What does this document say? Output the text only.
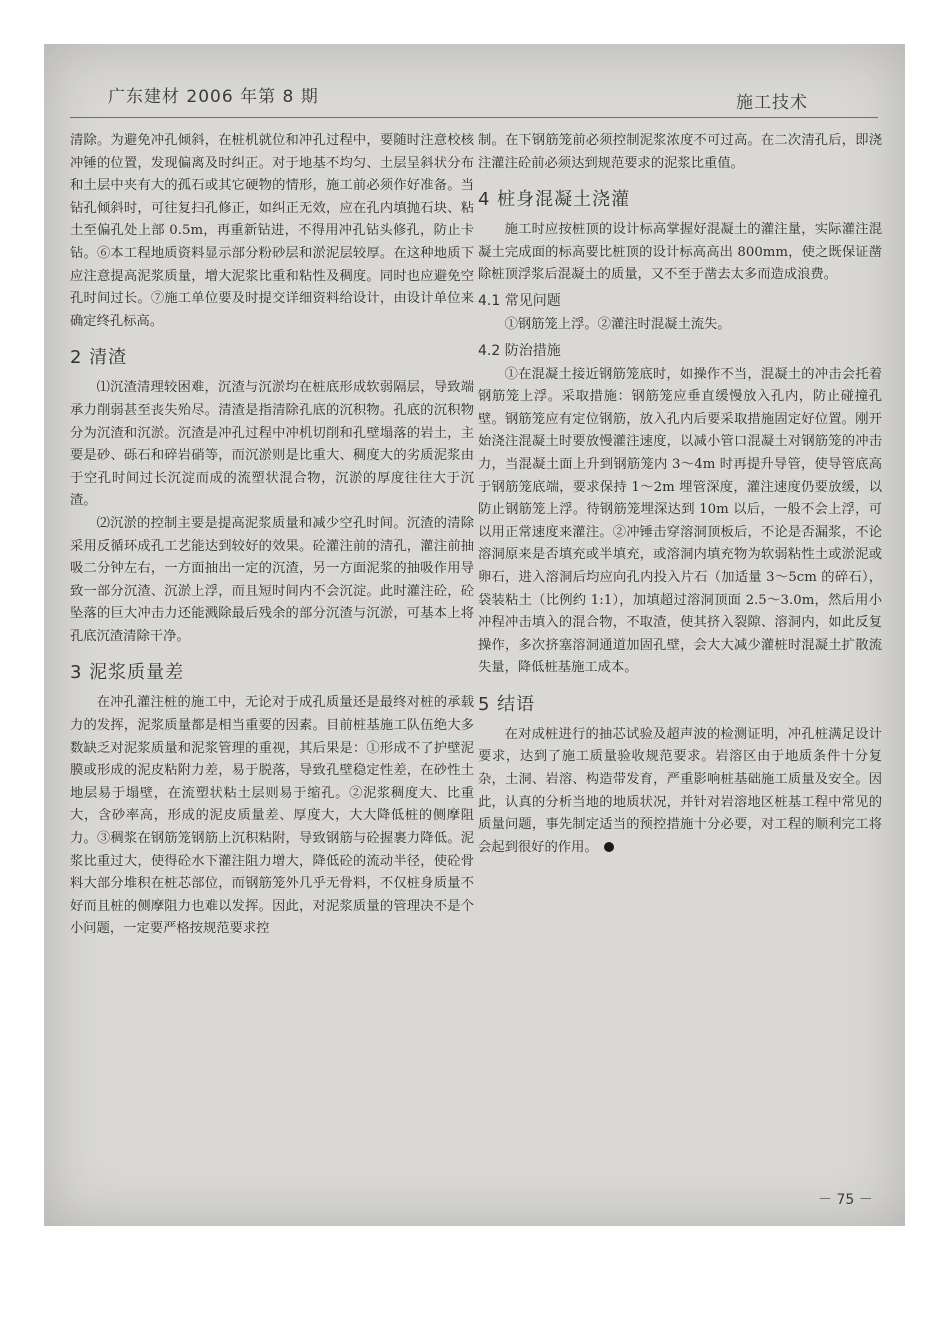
广东建材 2006 年第 8 期	施工技术

清除。为避免冲孔倾斜，在桩机就位和冲孔过程中，要随时注意校核冲锤的位置，发现偏离及时纠正。对于地基不均匀、土层呈斜状分布和土层中夹有大的孤石或其它硬物的情形，施工前必须作好准备。当钻孔倾斜时，可往复扫孔修正，如纠正无效，应在孔内填抛石块、粘土至偏孔处上部 0.5m，再重新钻进，不得用冲孔钻头修孔，防止卡钻。⑥本工程地质资料显示部分粉砂层和淤泥层较厚。在这种地质下应注意提高泥浆质量，增大泥浆比重和粘性及稠度。同时也应避免空孔时间过长。⑦施工单位要及时提交详细资料给设计，由设计单位来确定终孔标高。

2 清渣

⑴沉渣清理较困难，沉渣与沉淤均在桩底形成软弱隔层，导致端承力削弱甚至丧失殆尽。清渣是指清除孔底的沉积物。孔底的沉积物分为沉渣和沉淤。沉渣是冲孔过程中冲机切削和孔壁塌落的岩土，主要是砂、砾石和碎岩硝等，而沉淤则是比重大、稠度大的劣质泥浆由于空孔时间过长沉淀而成的流塑状混合物，沉淤的厚度往往大于沉渣。

⑵沉淤的控制主要是提高泥浆质量和减少空孔时间。沉渣的清除采用反循环成孔工艺能达到较好的效果。砼灌注前的清孔，灌注前抽吸二分钟左右，一方面抽出一定的沉渣，另一方面泥浆的抽吸作用导致一部分沉渣、沉淤上浮，而且短时间内不会沉淀。此时灌注砼，砼坠落的巨大冲击力还能溅除最后残余的部分沉渣与沉淤，可基本上将孔底沉渣清除干净。

3 泥浆质量差

在冲孔灌注桩的施工中，无论对于成孔质量还是最终对桩的承载力的发挥，泥浆质量都是相当重要的因素。目前桩基施工队伍绝大多数缺乏对泥浆质量和泥浆管理的重视，其后果是：①形成不了护壁泥膜或形成的泥皮粘附力差，易于脱落，导致孔壁稳定性差，在砂性土地层易于塌壁，在流塑状粘土层则易于缩孔。②泥浆稠度大、比重大，含砂率高，形成的泥皮质量差、厚度大，大大降低桩的侧摩阻力。③稠浆在钢筋笼钢筋上沉积粘附，导致钢筋与砼握裹力降低。泥浆比重过大，使得砼水下灌注阻力增大，降低砼的流动半径，使砼骨料大部分堆积在桩芯部位，而钢筋笼外几乎无骨料，不仅桩身质量不好而且桩的侧摩阻力也难以发挥。因此，对泥浆质量的管理决不是个小问题，一定要严格按规范要求控

制。在下钢筋笼前必须控制泥浆浓度不可过高。在二次清孔后，即浇注灌注砼前必须达到规范要求的泥浆比重值。

4 桩身混凝土浇灌

施工时应按桩顶的设计标高掌握好混凝土的灌注量，实际灌注混凝土完成面的标高要比桩顶的设计标高高出 800mm，使之既保证凿除桩顶浮浆后混凝土的质量，又不至于凿去太多而造成浪费。

4.1 常见问题

①钢筋笼上浮。②灌注时混凝土流失。

4.2 防治措施

①在混凝土接近钢筋笼底时，如操作不当，混凝土的冲击会托着钢筋笼上浮。采取措施：钢筋笼应垂直缓慢放入孔内，防止碰撞孔壁。钢筋笼应有定位钢筋，放入孔内后要采取措施固定好位置。刚开始浇注混凝土时要放慢灌注速度，以减小管口混凝土对钢筋笼的冲击力，当混凝土面上升到钢筋笼内 3～4m 时再提升导管，使导管底高于钢筋笼底端，要求保持 1～2m 埋管深度，灌注速度仍要放缓，以防止钢筋笼上浮。待钢筋笼埋深达到 10m 以后，一般不会上浮，可以用正常速度来灌注。②冲锤击穿溶洞顶板后，不论是否漏浆，不论溶洞原来是否填充或半填充，或溶洞内填充物为软弱粘性土或淤泥或卵石，进入溶洞后均应向孔内投入片石（加适量 3～5cm 的碎石），袋装粘土（比例约 1:1），加填超过溶洞顶面 2.5～3.0m，然后用小冲程冲击填入的混合物，不取渣，使其挤入裂隙、溶洞内，如此反复操作，多次挤塞溶洞通道加固孔壁，会大大减少灌桩时混凝土扩散流失量，降低桩基施工成本。

5 结语

在对成桩进行的抽芯试验及超声波的检测证明，冲孔桩满足设计要求，达到了施工质量验收规范要求。岩溶区由于地质条件十分复杂，土洞、岩溶、构造带发育，严重影响桩基础施工质量及安全。因此，认真的分析当地的地质状况，并针对岩溶地区桩基工程中常见的质量问题，事先制定适当的预控措施十分必要，对工程的顺利完工将会起到很好的作用。

－ 75 －
